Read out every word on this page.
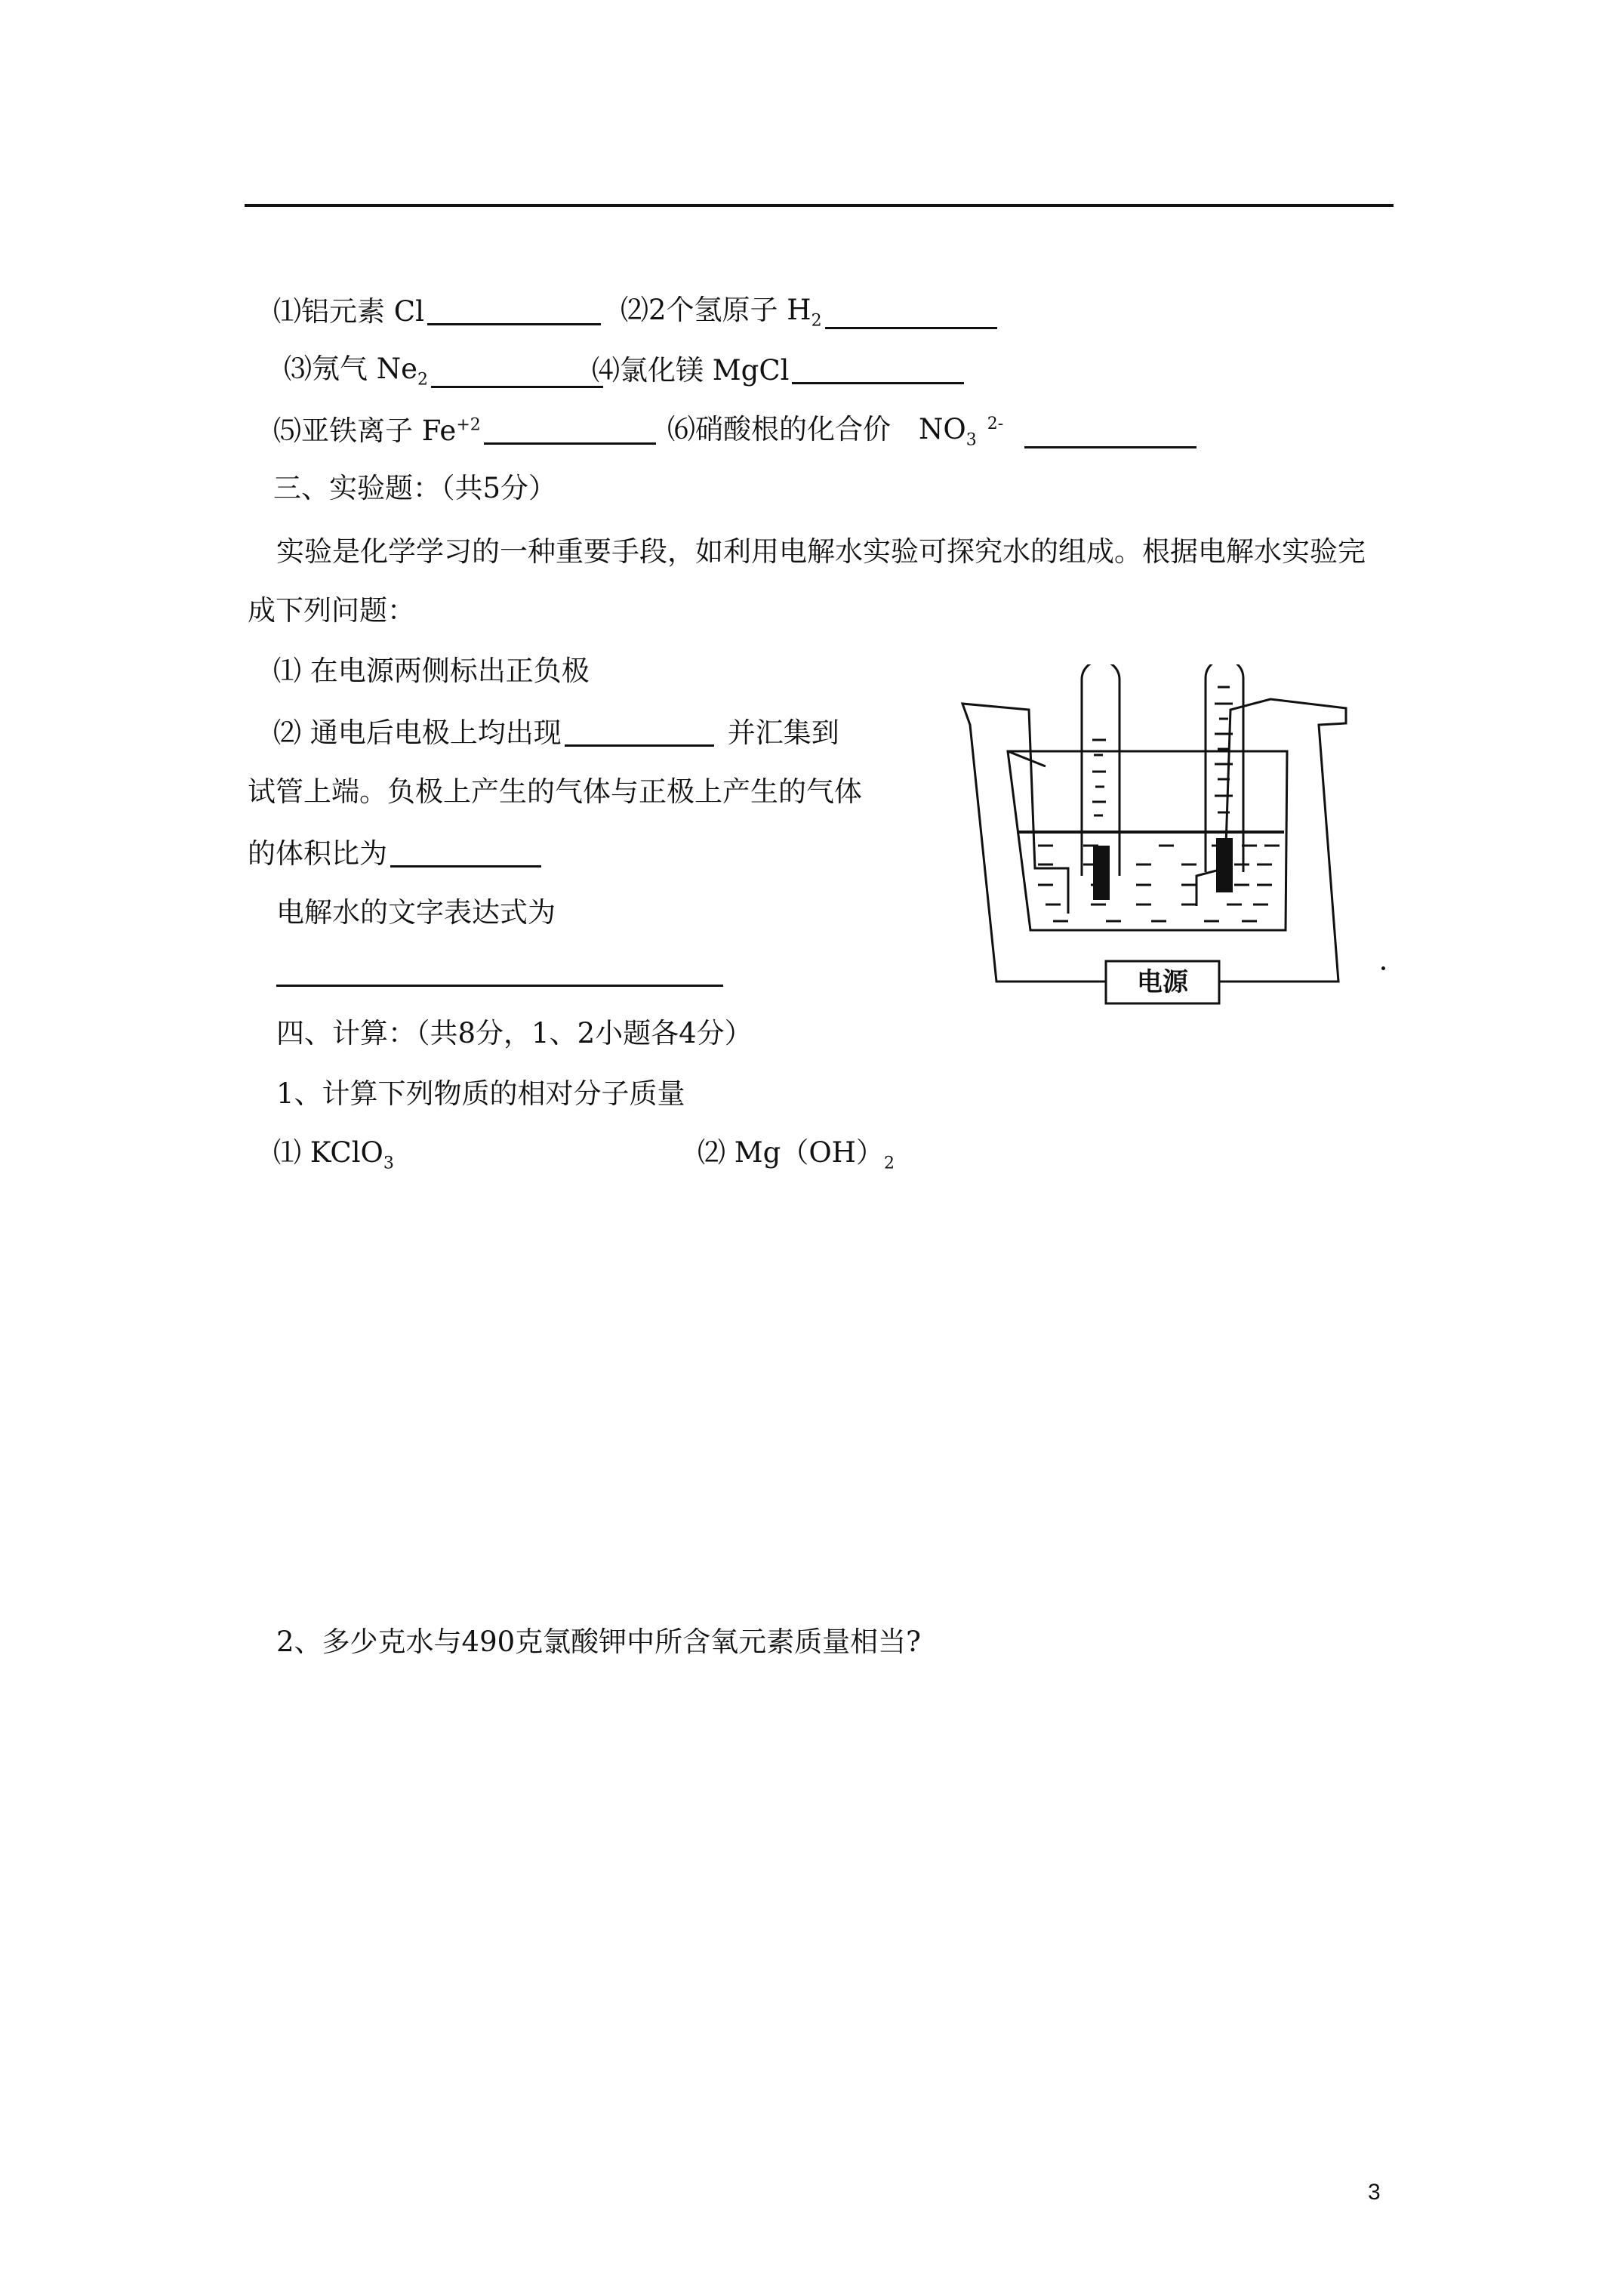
⑴铝元素 Cl	⑵2个氢原子 $H_2$
⑶氖气 $Ne_2$	⑷氯化镁 MgCl
⑸亚铁离子 $Fe^{+2}$	⑹硝酸根的化合价　$NO_3^{2-}$
三、实验题：（共5分）
实验是化学学习的一种重要手段，如利用电解水实验可探究水的组成。根据电解水实验完
成下列问题：
⑴ 在电源两侧标出正负极
⑵ 通电后电极上均出现	并汇集到
试管上端。负极上产生的气体与正极上产生的气体
的体积比为
电解水的文字表达式为
电源
四、计算：（共8分，1、2小题各4分）
1、计算下列物质的相对分子质量
⑴ KClO$_3$	⑵ $Mg(OH)_2$
2、多少克水与490克氯酸钾中所含氧元素质量相当?
3
